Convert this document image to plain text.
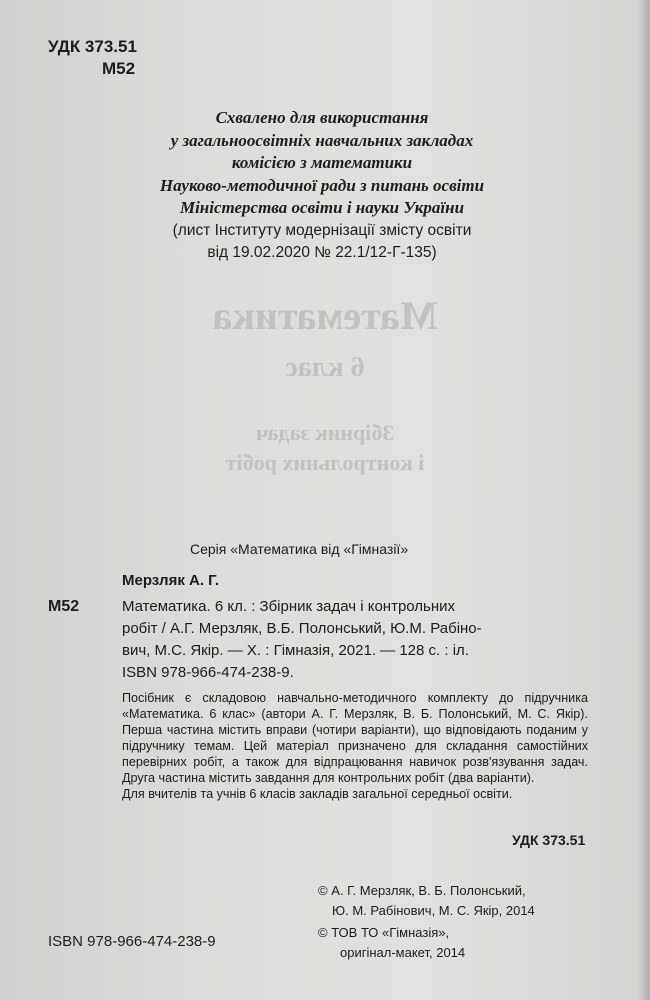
Математика
6 клас
Збірник задач
і контрольних робіт
УДК 373.51
М52
Схвалено для використання
у загальноосвітніх навчальних закладах
комісією з математики
Науково-методичної ради з питань освіти
Міністерства освіти і науки України
(лист Інституту модернізації змісту освіти
від 19.02.2020 № 22.1/12-Г-135)
Серія «Математика від «Гімназії»
Мерзляк А. Г.
М52	Математика. 6 кл. : Збірник задач і контрольних
робіт / А.Г. Мерзляк, В.Б. Полонський, Ю.М. Рабіно-
вич, М.С. Якір. — Х. : Гімназія, 2021. — 128 с. : іл.
ISBN 978-966-474-238-9.

Посібник є складовою навчально-методичного комплекту до підручника «Математика. 6 клас» (автори А. Г. Мерзляк, В. Б. Полонський, М. С. Якір). Перша частина містить вправи (чотири варіанти), що відповідають поданим у підручнику темам. Цей матеріал призначено для складання самостійних перевірних робіт, а також для відпрацювання навичок розв'язування задач. Друга частина містить завдання для контрольних робіт (два варіанти).

Для вчителів та учнів 6 класів закладів загальної середньої освіти.

УДК 373.51
© А. Г. Мерзляк, В. Б. Полонський,
Ю. М. Рабінович, М. С. Якір, 2014
© ТОВ ТО «Гімназія»,
оригінал-макет, 2014
ISBN 978-966-474-238-9
